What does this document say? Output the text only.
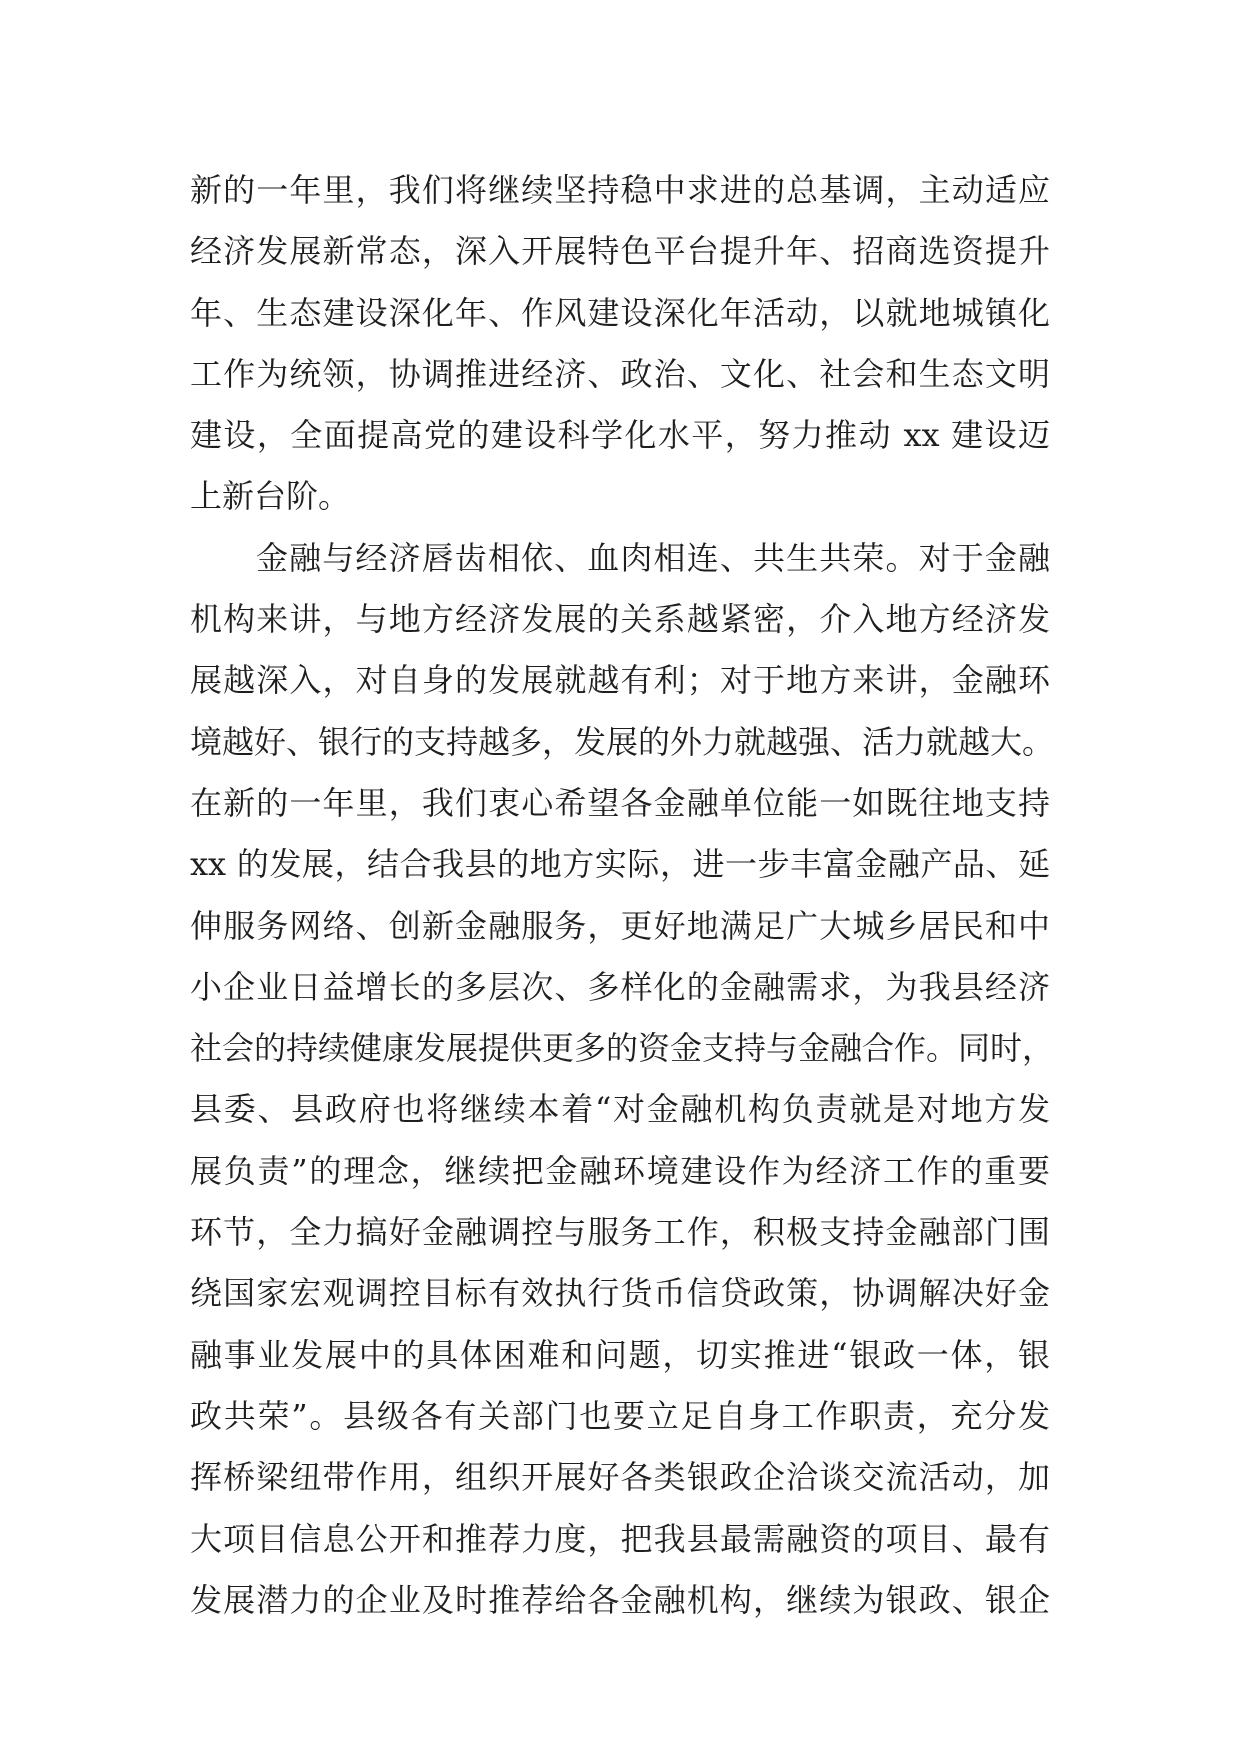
新的一年里，我们将继续坚持稳中求进的总基调，主动适应
经济发展新常态，深入开展特色平台提升年、招商选资提升
年、生态建设深化年、作风建设深化年活动，以就地城镇化
工作为统领，协调推进经济、政治、文化、社会和生态文明
建设，全面提高党的建设科学化水平，努力推动 xx 建设迈
上新台阶。
金融与经济唇齿相依、血肉相连、共生共荣。对于金融
机构来讲，与地方经济发展的关系越紧密，介入地方经济发
展越深入，对自身的发展就越有利；对于地方来讲，金融环
境越好、银行的支持越多，发展的外力就越强、活力就越大。
在新的一年里，我们衷心希望各金融单位能一如既往地支持
xx 的发展，结合我县的地方实际，进一步丰富金融产品、延
伸服务网络、创新金融服务，更好地满足广大城乡居民和中
小企业日益增长的多层次、多样化的金融需求，为我县经济
社会的持续健康发展提供更多的资金支持与金融合作。同时，
县委、县政府也将继续本着“对金融机构负责就是对地方发
展负责”的理念，继续把金融环境建设作为经济工作的重要
环节，全力搞好金融调控与服务工作，积极支持金融部门围
绕国家宏观调控目标有效执行货币信贷政策，协调解决好金
融事业发展中的具体困难和问题，切实推进“银政一体，银
政共荣”。县级各有关部门也要立足自身工作职责，充分发
挥桥梁纽带作用，组织开展好各类银政企洽谈交流活动，加
大项目信息公开和推荐力度，把我县最需融资的项目、最有
发展潜力的企业及时推荐给各金融机构，继续为银政、银企
